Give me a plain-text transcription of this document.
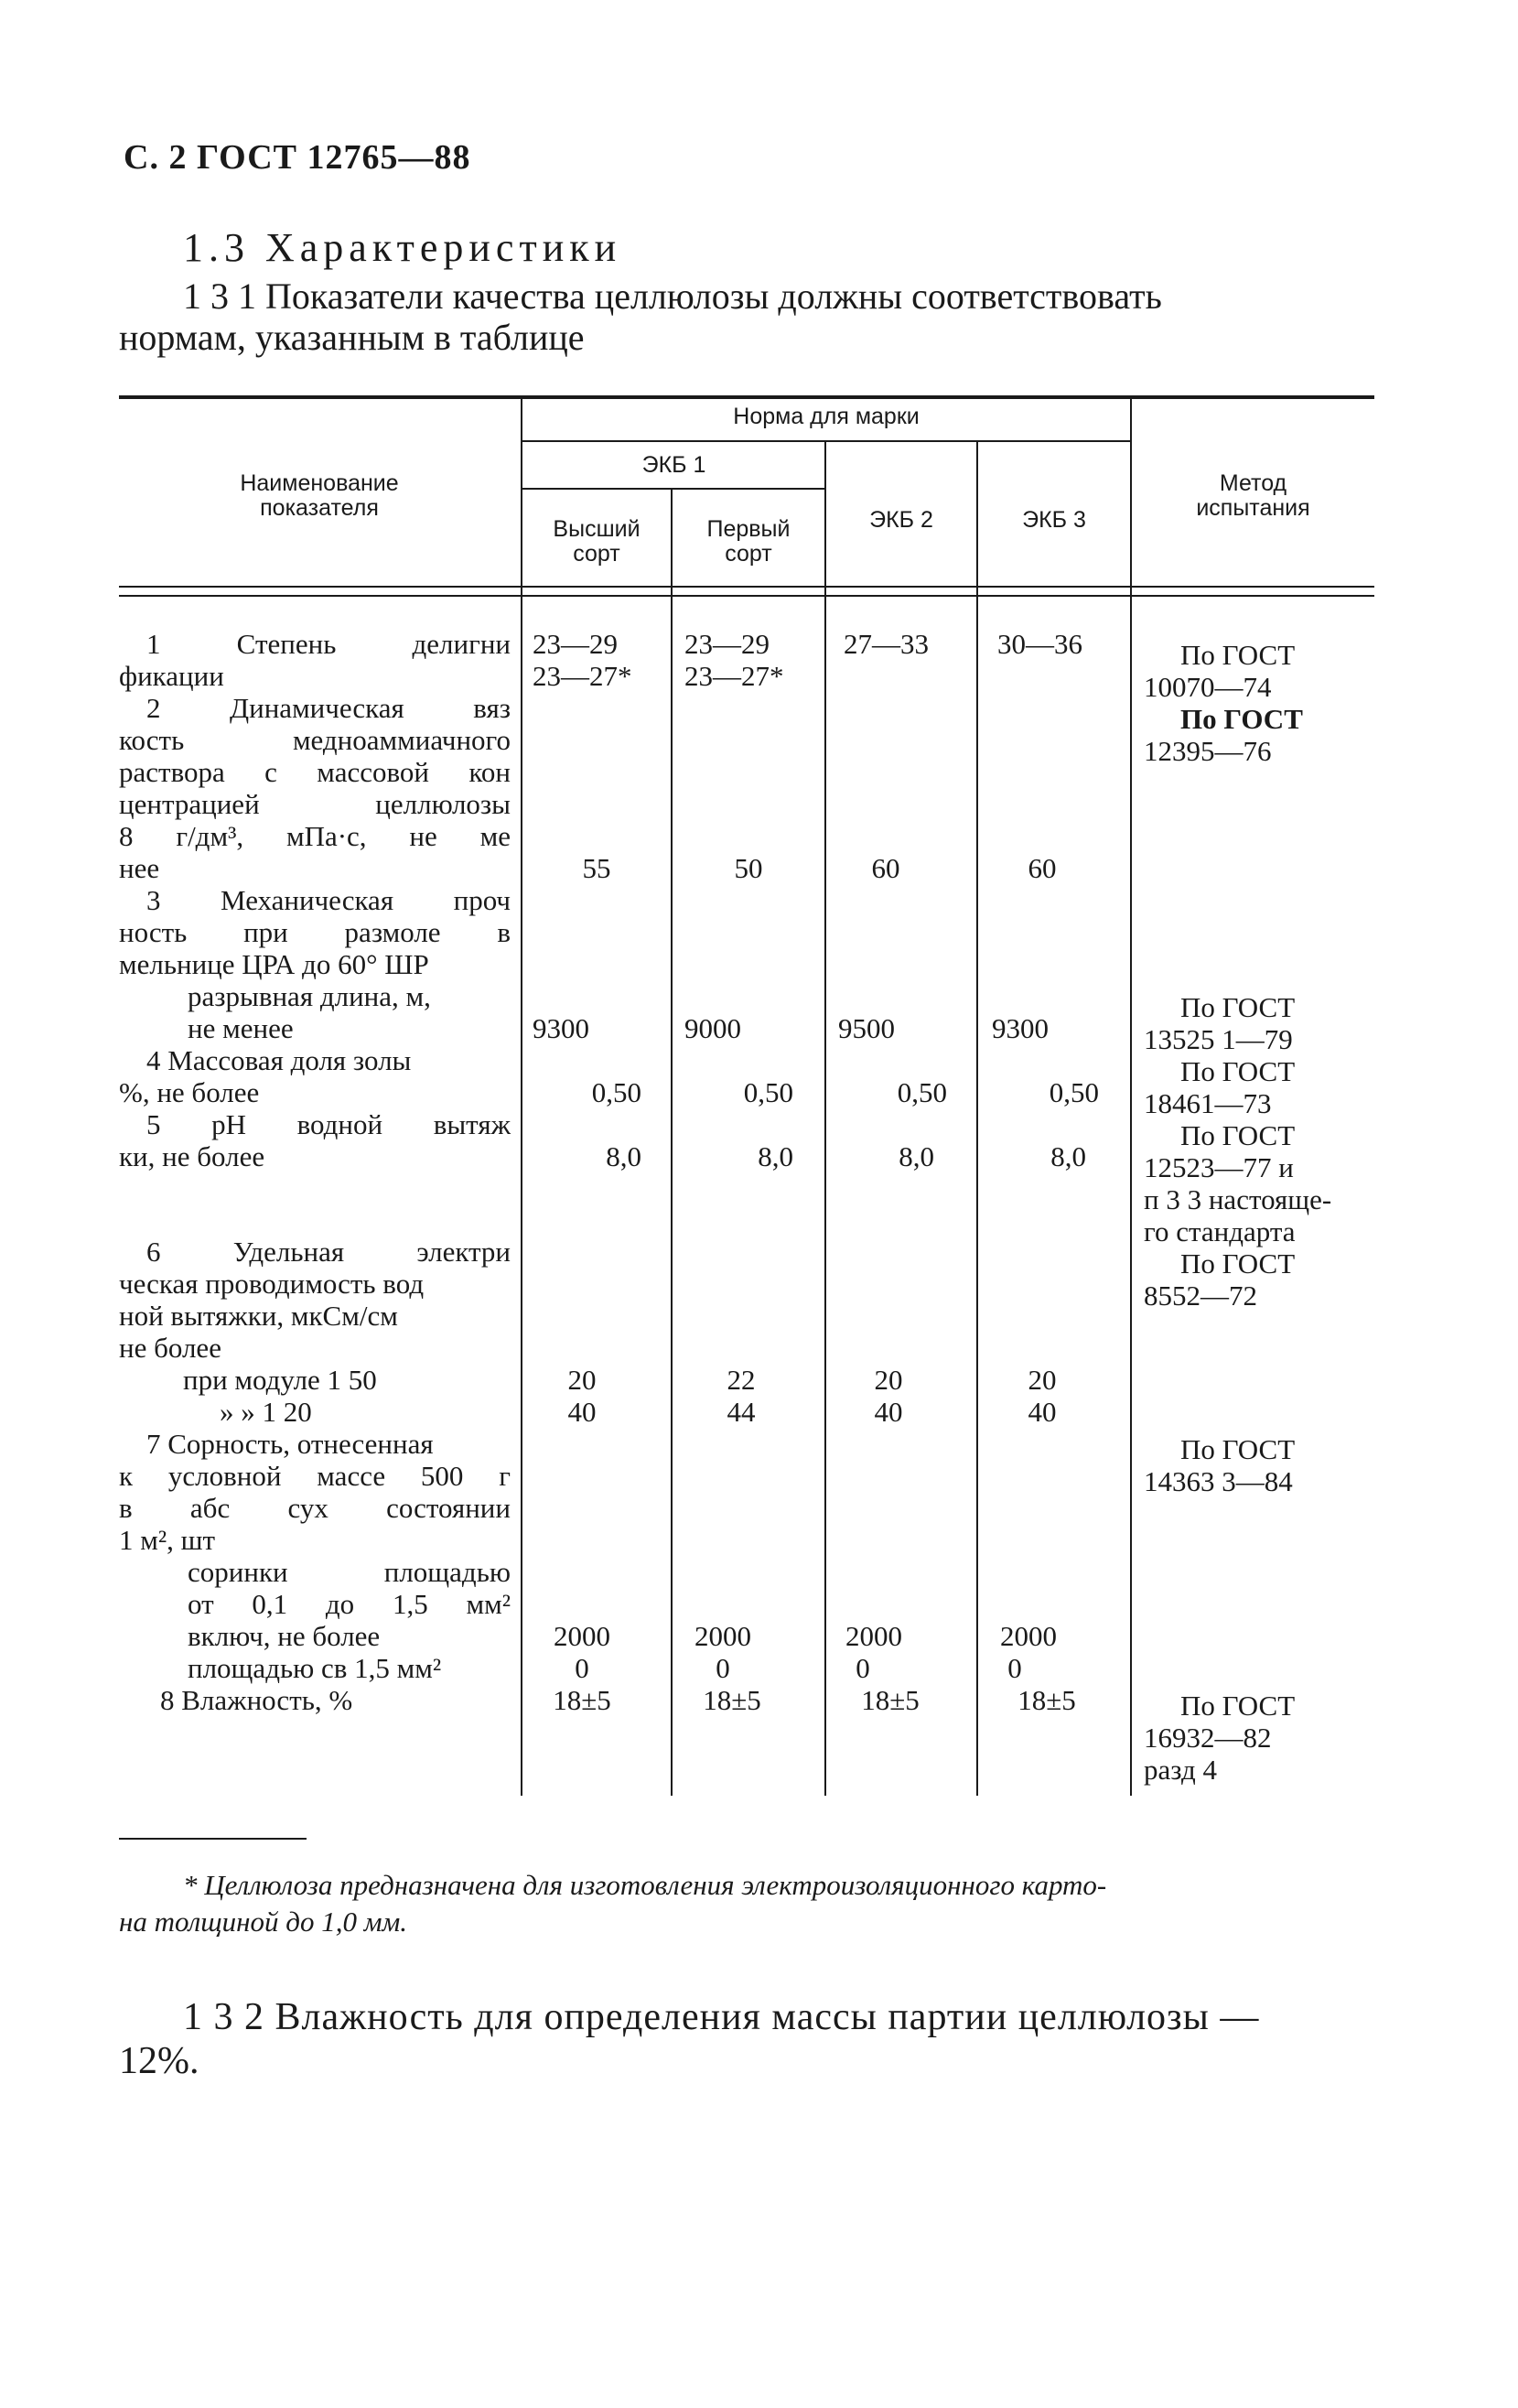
С. 2 ГОСТ 12765—88
1.3 Характеристики
1 3 1 Показатели качества целлюлозы должны соответствовать
нормам, указанным в таблице
Наименование
показателя
Норма для марки
ЭКБ 1
Высший
сорт
Первый
сорт
ЭКБ 2	ЭКБ 3
Метод
испытания
1 Степень делигни
фикации
2 Динамическая вяз
кость медноаммиачного
раствора с массовой кон
центрацией целлюлозы
8 г/дм³, мПа·с, не ме
нее
3 Механическая проч
ность при размоле в
мельнице ЦРА до 60° ШР
разрывная длина, м,
не менее
4 Массовая доля золы
%, не более
5 рН водной вытяж
ки, не более
6 Удельная электри
ческая проводимость вод
ной вытяжки, мкСм/см
не более
при модуле 1 50
» » 1 20
7 Сорность, отнесенная
к условной массе 500 г
в абс сух состоянии
1 м², шт
соринки площадью
от 0,1 до 1,5 мм²
включ, не более
площадью св 1,5 мм²
8 Влажность, %
23—29
23—27*
55
9300
0,50
8,0
20
40
2000
0
18±5
23—29
23—27*
50
9000
0,50
8,0
22
44
2000
0
18±5
27—33
60
9500
0,50
8,0
20
40
2000
0
18±5
30—36
60
9300
0,50
8,0
20
40
2000
0
18±5
По ГОСТ
10070—74
По ГОСТ
12395—76
По ГОСТ
13525 1—79
По ГОСТ
18461—73
По ГОСТ
12523—77 и
п 3 3 настояще-
го стандарта
По ГОСТ
8552—72
По ГОСТ
14363 3—84
По ГОСТ
16932—82
разд 4
* Целлюлоза предназначена для изготовления электроизоляционного карто-
на толщиной до 1,0 мм.
1 3 2 Влажность для определения массы партии целлюлозы —
12%.
